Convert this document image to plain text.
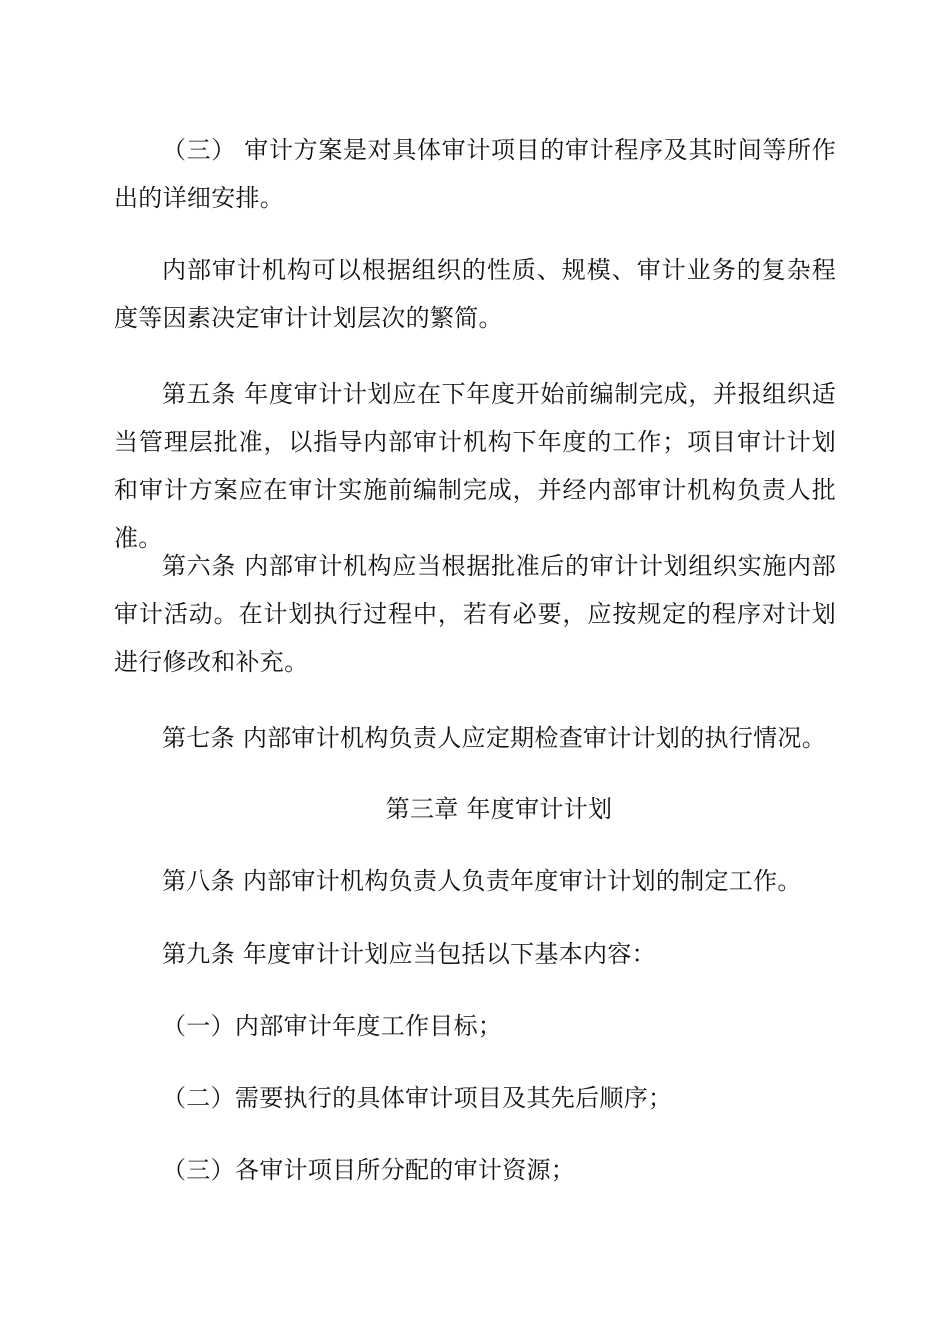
（三） 审计方案是对具体审计项目的审计程序及其时间等所作出的详细安排。

内部审计机构可以根据组织的性质、规模、审计业务的复杂程度等因素决定审计计划层次的繁简。

第五条 年度审计计划应在下年度开始前编制完成，并报组织适当管理层批准，以指导内部审计机构下年度的工作；项目审计计划和审计方案应在审计实施前编制完成，并经内部审计机构负责人批准。

第六条 内部审计机构应当根据批准后的审计计划组织实施内部审计活动。在计划执行过程中，若有必要，应按规定的程序对计划进行修改和补充。

第七条 内部审计机构负责人应定期检查审计计划的执行情况。

第三章 年度审计计划

第八条 内部审计机构负责人负责年度审计计划的制定工作。

第九条 年度审计计划应当包括以下基本内容：

（一）内部审计年度工作目标；

（二）需要执行的具体审计项目及其先后顺序；

（三）各审计项目所分配的审计资源；
